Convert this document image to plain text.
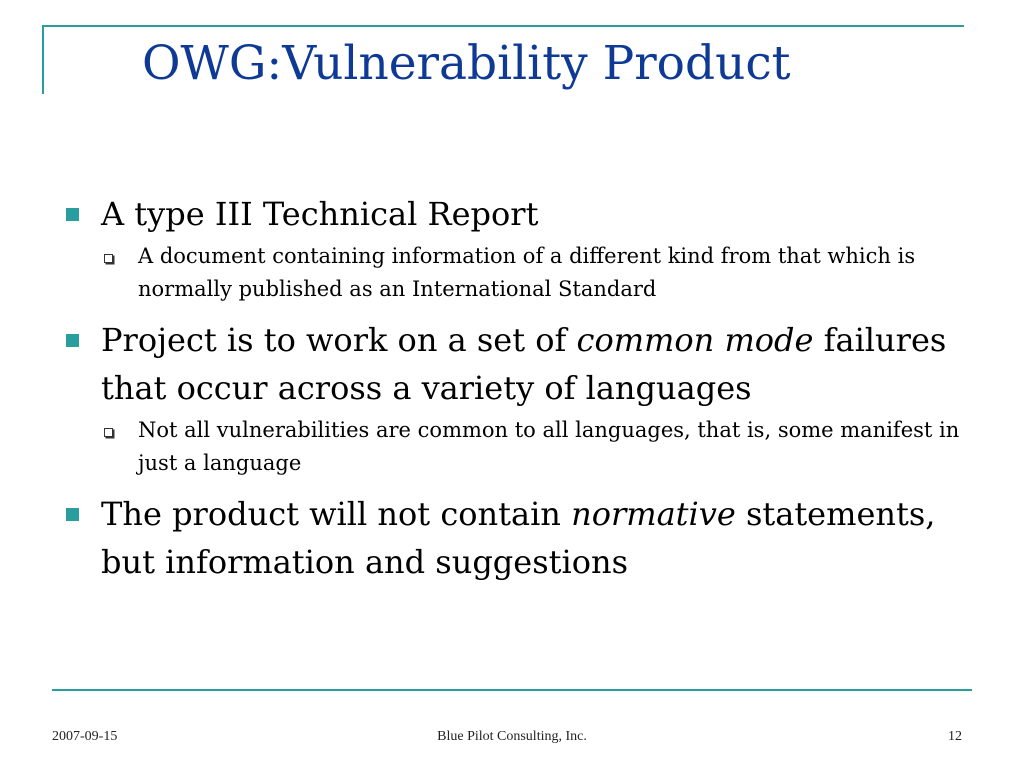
OWG:Vulnerability Product
A type III Technical Report
A document containing information of a different kind from that which is normally published as an International Standard
Project is to work on a set of common mode failures that occur across a variety of languages
Not all vulnerabilities are common to all languages, that is, some manifest in just a language
The product will not contain normative statements, but information and suggestions
2007-09-15	Blue Pilot Consulting, Inc.	12
